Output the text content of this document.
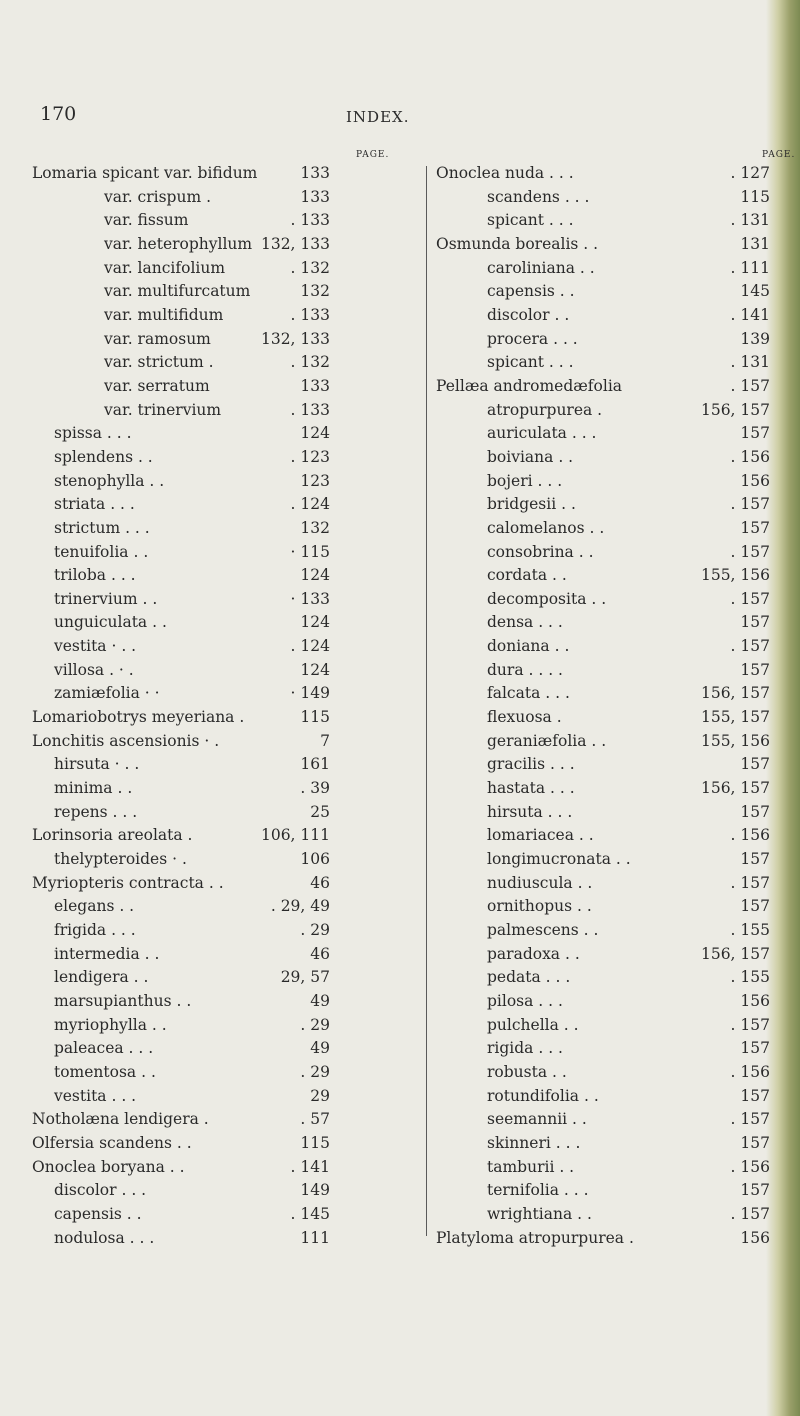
170	INDEX.
PAGE.
Lomaria spicant var. bifidum	133
var. crispum .	133
var. fissum	. 133
var. heterophyllum 132, 133
var. lancifolium	. 132
var. multifurcatum	132
var. multifidum	. 133
var. ramosum	132, 133
var. strictum .	. 132
var. serratum	133
var. trinervium	. 133
spissa . . .	124
splendens . .	. 123
stenophylla . .	123
striata . . .	. 124
strictum . . .	132
tenuifolia . .	· 115
triloba . . .	124
trinervium . .	· 133
unguiculata . .	124
vestita · . .	. 124
villosa . · .	124
zamiæfolia · ·	· 149
Lomariobotrys meyeriana .	115
Lonchitis ascensionis · .	7
hirsuta · . .	161
minima . .	. 39
repens . . .	25
Lorinsoria areolata .	106, 111
thelypteroides · .	106
Myriopteris contracta . .	46
elegans . .	. 29, 49
frigida . . .	. 29
intermedia . .	46
lendigera . .	29, 57
marsupianthus . .	49
myriophylla . .	. 29
paleacea . . .	49
tomentosa . .	. 29
vestita . . .	29
Notholæna lendigera .	. 57
Olfersia scandens . .	115
Onoclea boryana . .	. 141
discolor . . .	149
capensis . .	. 145
nodulosa . . .	111
PAGE.
Onoclea nuda . . .	. 127
scandens . . .	115
spicant . . .	. 131
Osmunda borealis . .	131
caroliniana . .	. 111
capensis . .	145
discolor . .	. 141
procera . . .	139
spicant . . .	. 131
Pellæa andromedæfolia	. 157
atropurpurea .	156, 157
auriculata . . .	157
boiviana . .	. 156
bojeri . . .	156
bridgesii . .	. 157
calomelanos . .	157
consobrina . .	. 157
cordata . .	155, 156
decomposita . .	. 157
densa . . .	157
doniana . .	. 157
dura . . . .	157
falcata . . .	156, 157
flexuosa .	155, 157
geraniæfolia . .	155, 156
gracilis . . .	157
hastata . . .	156, 157
hirsuta . . .	157
lomariacea . .	. 156
longimucronata . .	157
nudiuscula . .	. 157
ornithopus . .	157
palmescens . .	. 155
paradoxa . .	156, 157
pedata . . .	. 155
pilosa . . .	156
pulchella . .	. 157
rigida . . .	157
robusta . .	. 156
rotundifolia . .	157
seemannii . .	. 157
skinneri . . .	157
tamburii . .	. 156
ternifolia . . .	157
wrightiana . .	. 157
Platyloma atropurpurea .	156
